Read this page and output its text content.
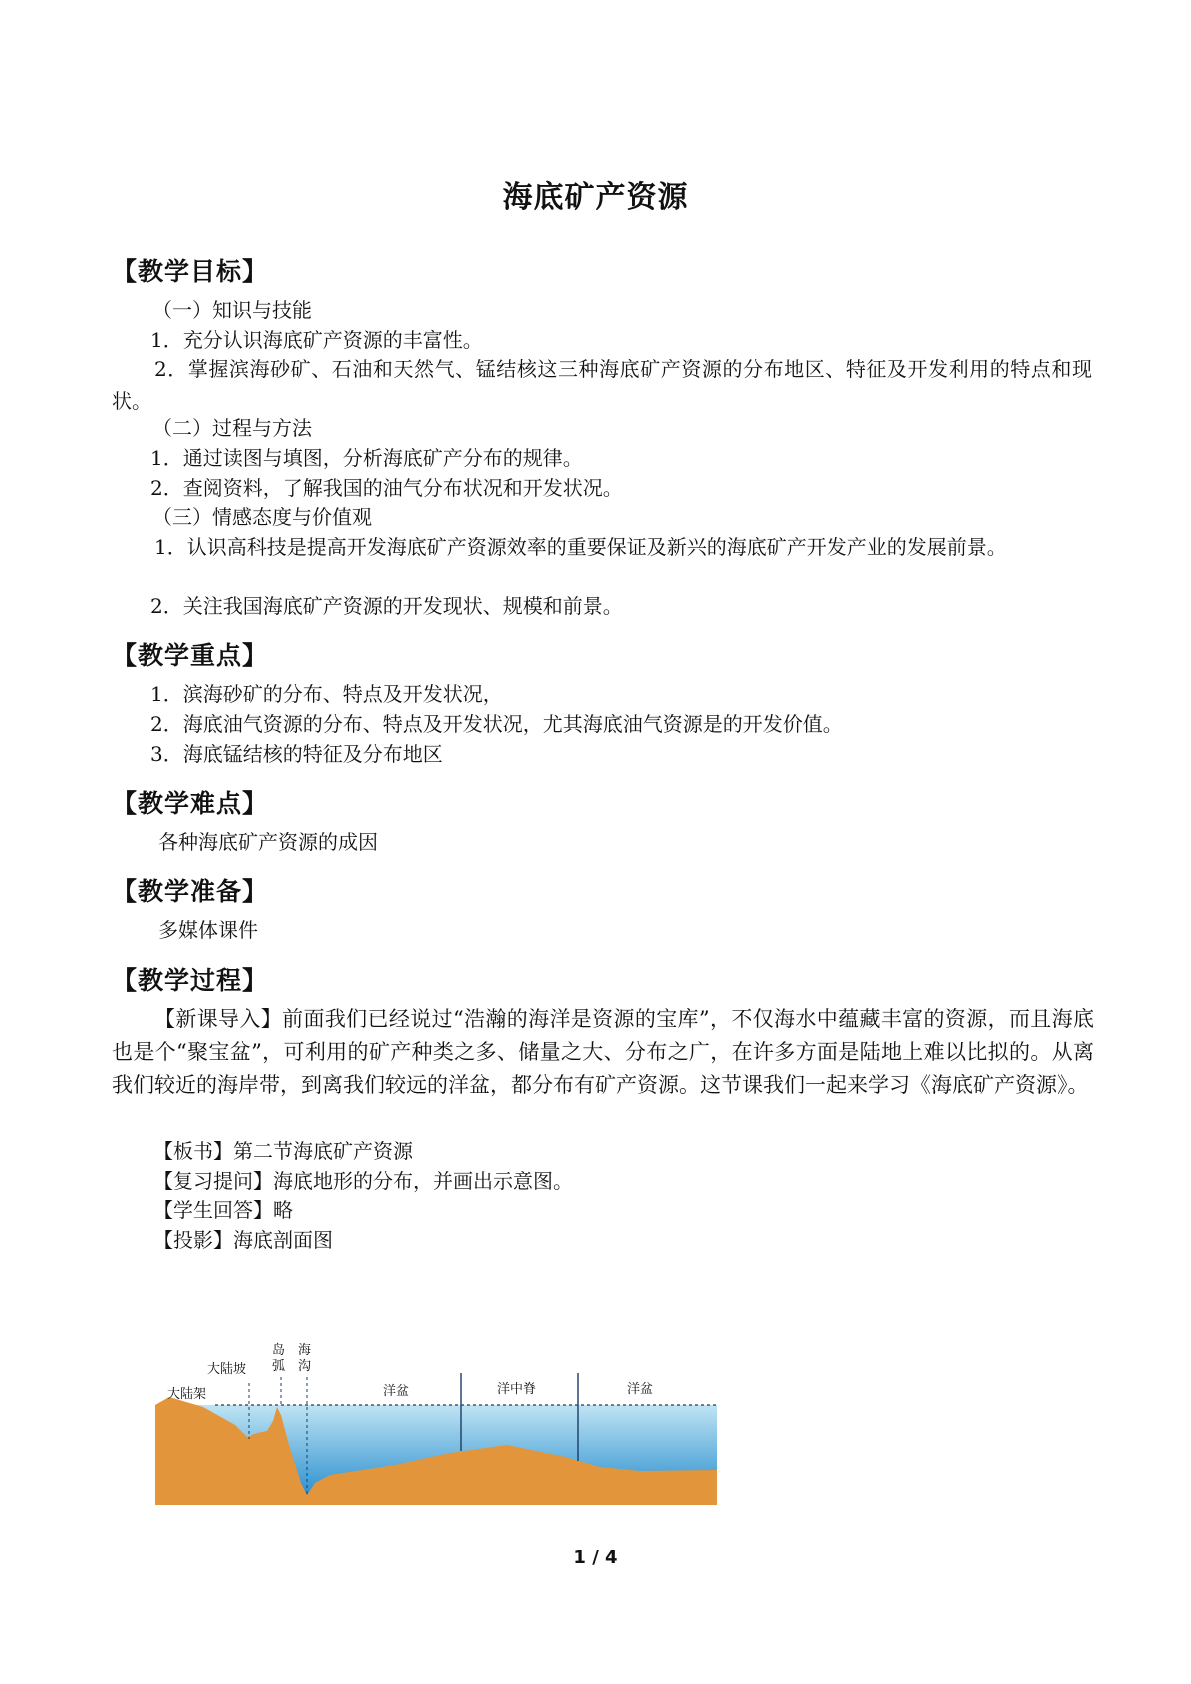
海底矿产资源
【教学目标】
（一）知识与技能
1．充分认识海底矿产资源的丰富性。
2．掌握滨海砂矿、石油和天然气、锰结核这三种海底矿产资源的分布地区、特征及开发利用的特点和现状。
（二）过程与方法
1．通过读图与填图，分析海底矿产分布的规律。
2．查阅资料，了解我国的油气分布状况和开发状况。
（三）情感态度与价值观
1．认识高科技是提高开发海底矿产资源效率的重要保证及新兴的海底矿产开发产业的发展前景。
2．关注我国海底矿产资源的开发现状、规模和前景。
【教学重点】
1．滨海砂矿的分布、特点及开发状况，
2．海底油气资源的分布、特点及开发状况，尤其海底油气资源是的开发价值。
3．海底锰结核的特征及分布地区
【教学难点】
各种海底矿产资源的成因
【教学准备】
多媒体课件
【教学过程】
【新课导入】前面我们已经说过“浩瀚的海洋是资源的宝库”，不仅海水中蕴藏丰富的资源，而且海底也是个“聚宝盆”，可利用的矿产种类之多、储量之大、分布之广，在许多方面是陆地上难以比拟的。从离我们较近的海岸带，到离我们较远的洋盆，都分布有矿产资源。这节课我们一起来学习《海底矿产资源》。
【板书】第二节海底矿产资源
【复习提问】海底地形的分布，并画出示意图。
【学生回答】略
【投影】海底剖面图
大陆架
大陆坡
岛
弧
海
沟
洋盆	洋中脊	洋盆
1 / 4
